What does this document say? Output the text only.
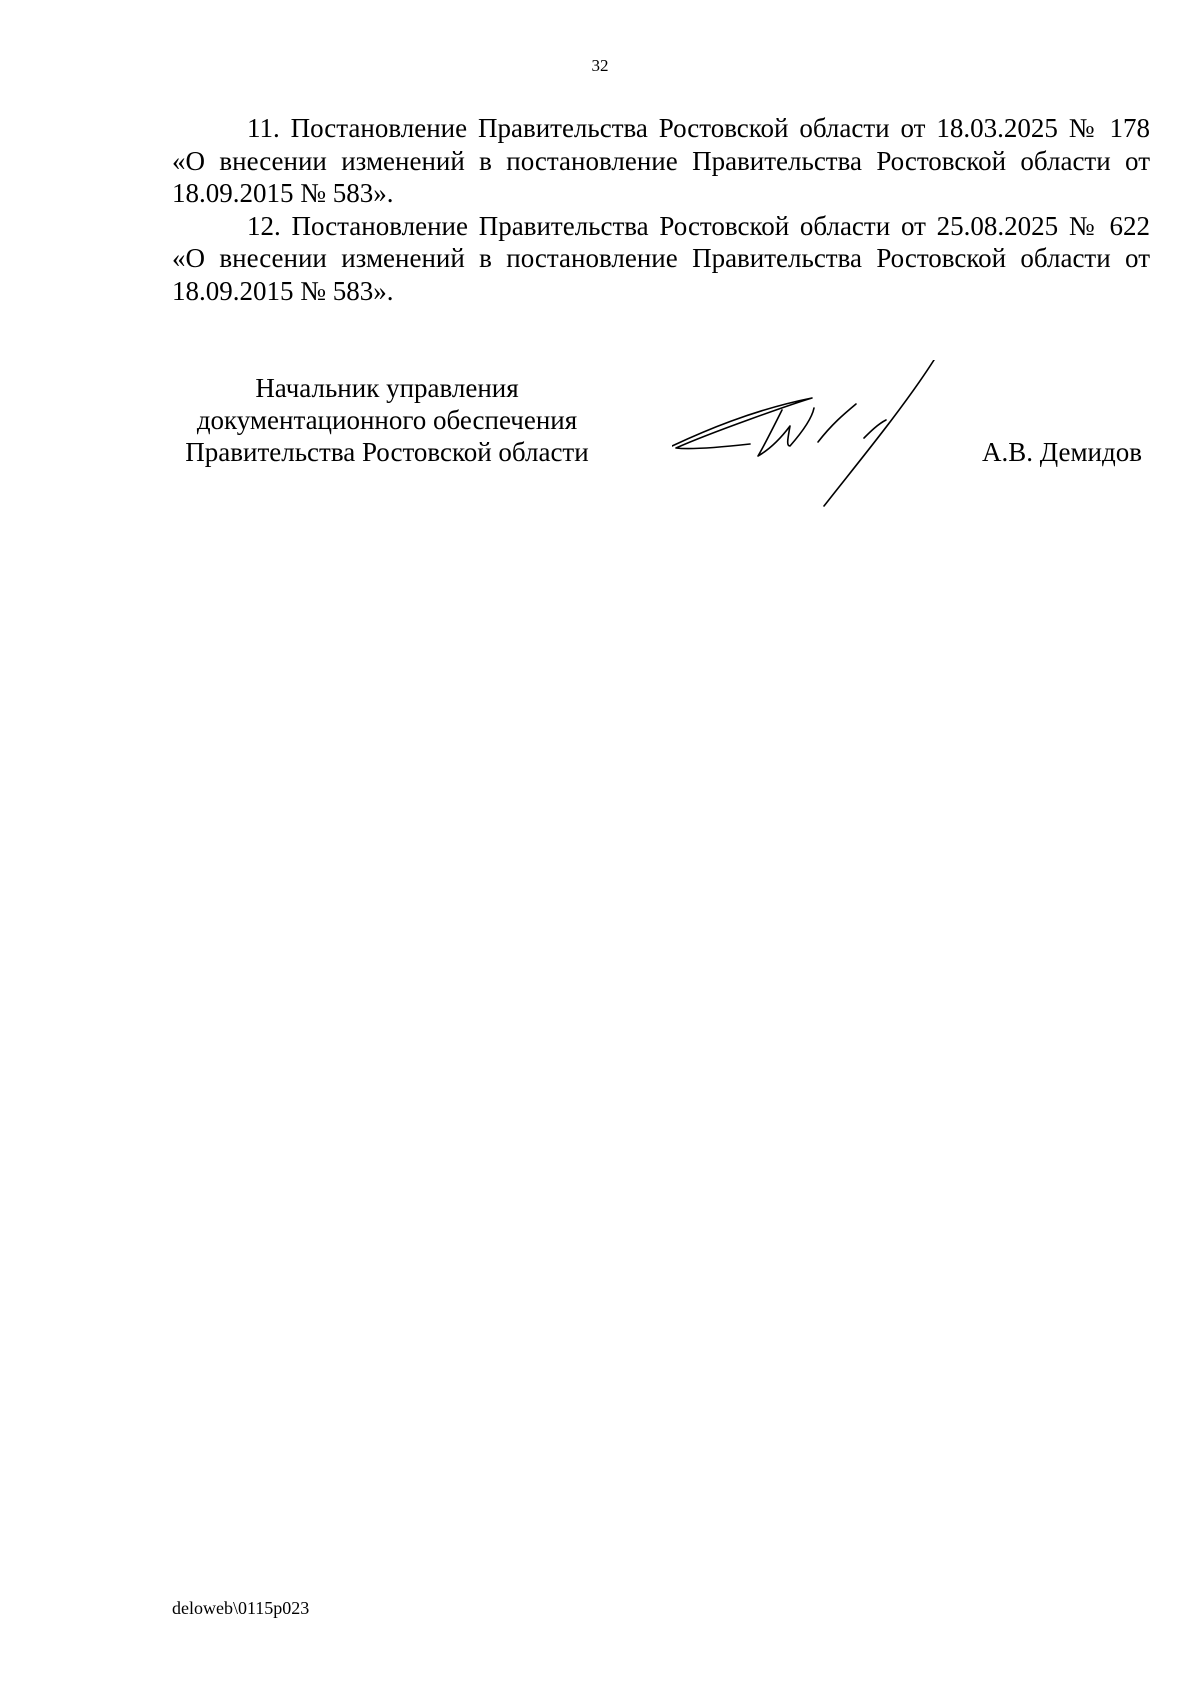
32

11. Постановление Правительства Ростовской области от 18.03.2025 № 178 «О внесении изменений в постановление Правительства Ростовской области от 18.09.2015 № 583».

12. Постановление Правительства Ростовской области от 25.08.2025 № 622 «О внесении изменений в постановление Правительства Ростовской области от 18.09.2015 № 583».

Начальник управления
документационного обеспечения
Правительства Ростовской области	А.В. Демидов
deloweb\0115p023
